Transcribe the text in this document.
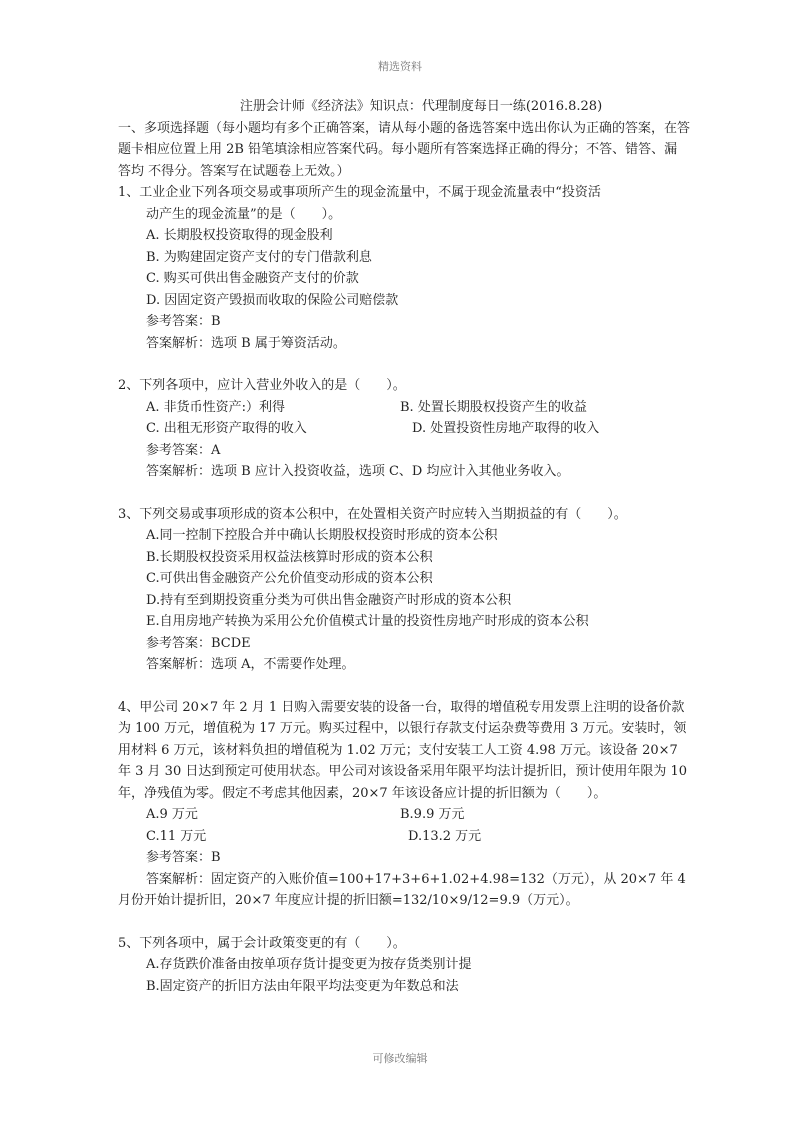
精选资料

注册会计师《经济法》知识点：代理制度每日一练(2016.8.28)

一、多项选择题（每小题均有多个正确答案，请从每小题的备选答案中选出你认为正确的答案，在答题卡相应位置上用 2B 铅笔填涂相应答案代码。每小题所有答案选择正确的得分；不答、错答、漏答均 不得分。答案写在试题卷上无效。）

1、工业企业下列各项交易或事项所产生的现金流量中，不属于现金流量表中“投资活

动产生的现金流量”的是（　　）。

A. 长期股权投资取得的现金股利

B. 为购建固定资产支付的专门借款利息

C. 购买可供出售金融资产支付的价款

D. 因固定资产毁损而收取的保险公司赔偿款

参考答案：B

答案解析：选项 B 属于筹资活动。

2、下列各项中，应计入营业外收入的是（　　）。

A. 非货币性资产:）利得	B. 处置长期股权投资产生的收益
C. 出租无形资产取得的收入	D. 处置投资性房地产取得的收入

参考答案：A

答案解析：选项 B 应计入投资收益，选项 C、D 均应计入其他业务收入。

3、下列交易或事项形成的资本公积中，在处置相关资产时应转入当期损益的有（　　）。

A.同一控制下控股合并中确认长期股权投资时形成的资本公积

B.长期股权投资采用权益法核算时形成的资本公积

C.可供出售金融资产公允价值变动形成的资本公积

D.持有至到期投资重分类为可供出售金融资产时形成的资本公积

E.自用房地产转换为采用公允价值模式计量的投资性房地产时形成的资本公积

参考答案：BCDE

答案解析：选项 A，不需要作处理。

4、甲公司 20×7 年 2 月 1 日购入需要安装的设备一台，取得的增值税专用发票上注明的设备价款为 100 万元，增值税为 17 万元。购买过程中，以银行存款支付运杂费等费用 3 万元。安装时，领用材料 6 万元，该材料负担的增值税为 1.02 万元；支付安装工人工资 4.98 万元。该设备 20×7 年 3 月 30 日达到预定可使用状态。甲公司对该设备采用年限平均法计提折旧，预计使用年限为 10 年，净残值为零。假定不考虑其他因素，20×7 年该设备应计提的折旧额为（　　）。

A.9 万元	B.9.9 万元
C.11 万元	D.13.2 万元

参考答案：B

答案解析：固定资产的入账价值=100+17+3+6+1.02+4.98=132（万元），从 20×7 年 4 月份开始计提折旧，20×7 年度应计提的折旧额=132/10×9/12=9.9（万元）。

5、下列各项中，属于会计政策变更的有（　　）。

A.存货跌价准备由按单项存货计提变更为按存货类别计提

B.固定资产的折旧方法由年限平均法变更为年数总和法

可修改编辑
